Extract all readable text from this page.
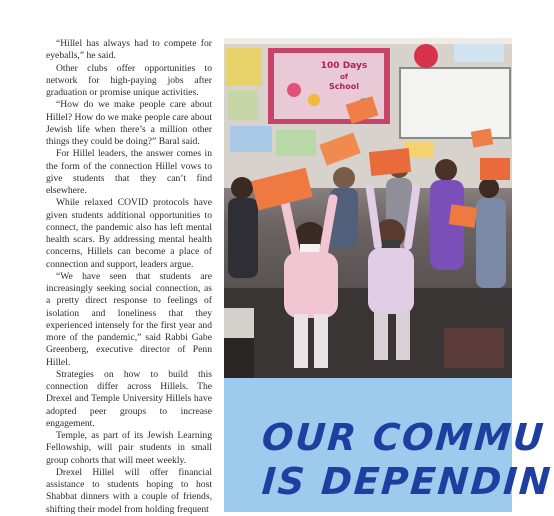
“Hillel has always had to compete for eyeballs,” he said.

Other clubs offer opportunities to network for high-paying jobs after graduation or promise unique activities.

“How do we make people care about Hillel? How do we make people care about Jewish life when there’s a million other things they could be doing?” Baral said.

For Hillel leaders, the answer comes in the form of the connection Hillel vows to give students that they can’t find elsewhere.

While relaxed COVID protocols have given students additional opportunities to connect, the pandemic also has left mental health scars. By addressing mental health concerns, Hillels can become a place of connection and support, leaders argue.

“We have seen that students are increasingly seeking social connection, as a pretty direct response to feelings of isolation and loneliness that they experienced intensely for the first year and more of the pandemic,” said Rabbi Gabe Greenberg, executive director of Penn Hillel.

Strategies on how to build this connection differ across Hillels. The Drexel and Temple University Hillels have adopted peer groups to increase engagement.

Temple, as part of its Jewish Learning Fellowship, will pair students in small group cohorts that will meet weekly.

Drexel Hillel will offer financial assistance to students hoping to host Shabbat dinners with a couple of friends, shifting their model from holding frequent

100 Days
of
School
OUR COMMU
IS DEPENDIN
